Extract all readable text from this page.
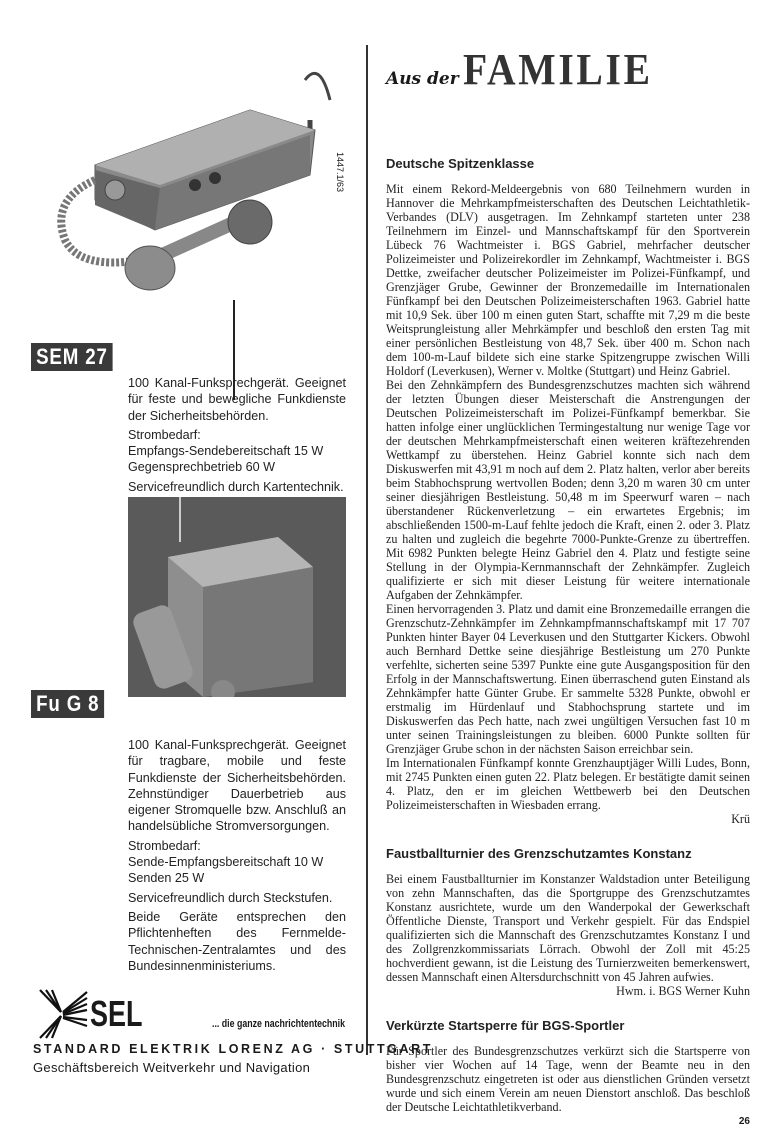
1447.1/63
SEM 27

100 Kanal-Funksprechgerät. Geeignet für feste und bewegliche Funkdienste der Sicherheitsbehörden.

Strombedarf:
Empfangs-Sendebereitschaft 15 W

Gegensprechbetrieb 60 W

Servicefreundlich durch Kartentechnik.
Fu G 8

100 Kanal-Funksprechgerät. Geeignet für tragbare, mobile und feste Funkdienste der Sicherheitsbehörden. Zehnstündiger Dauerbetrieb aus eigener Stromquelle bzw. Anschluß an handelsübliche Stromversorgungen.

Strombedarf:
Sende-Empfangsbereitschaft 10 W

Senden 25 W

Servicefreundlich durch Steckstufen.

Beide Geräte entsprechen den Pflichtenheften des Fernmelde-Technischen-Zentralamtes und des Bundesinnenministeriums.

SEL	... die ganze nachrichtentechnik
STANDARD ELEKTRIK LORENZ AG · STUTTGART
Geschäftsbereich Weitverkehr und Navigation
Aus der FAMILIE
Deutsche Spitzenklasse

Mit einem Rekord-Meldeergebnis von 680 Teilnehmern wurden in Hannover die Mehrkampfmeisterschaften des Deutschen Leichtathletik-Verbandes (DLV) ausgetragen. Im Zehnkampf starteten unter 238 Teilnehmern im Einzel- und Mannschaftskampf für den Sportverein Lübeck 76 Wachtmeister i. BGS Gabriel, mehrfacher deutscher Polizeimeister und Polizeirekordler im Zehnkampf, Wachtmeister i. BGS Dettke, zweifacher deutscher Polizeimeister im Polizei-Fünfkampf, und Grenzjäger Grube, Gewinner der Bronzemedaille im Internationalen Fünfkampf bei den Deutschen Polizeimeisterschaften 1963. Gabriel hatte mit 10,9 Sek. über 100 m einen guten Start, schaffte mit 7,29 m die beste Weitsprungleistung aller Mehrkämpfer und beschloß den ersten Tag mit einer persönlichen Bestleistung von 48,7 Sek. über 400 m. Schon nach dem 100-m-Lauf bildete sich eine starke Spitzengruppe zwischen Willi Holdorf (Leverkusen), Werner v. Moltke (Stuttgart) und Heinz Gabriel.

Bei den Zehnkämpfern des Bundesgrenzschutzes machten sich während der letzten Übungen dieser Meisterschaft die Anstrengungen der Deutschen Polizeimeisterschaft im Polizei-Fünfkampf bemerkbar. Sie hatten infolge einer unglücklichen Termingestaltung nur wenige Tage vor der deutschen Mehrkampfmeisterschaft einen weiteren kräftezehrenden Wettkampf zu überstehen. Heinz Gabriel konnte sich nach dem Diskuswerfen mit 43,91 m noch auf dem 2. Platz halten, verlor aber bereits beim Stabhochsprung wertvollen Boden; denn 3,20 m waren 30 cm unter seiner diesjährigen Bestleistung. 50,48 m im Speerwurf waren – nach überstandener Rückenverletzung – ein erwartetes Ergebnis; im abschließenden 1500-m-Lauf fehlte jedoch die Kraft, einen 2. oder 3. Platz zu halten und zugleich die begehrte 7000-Punkte-Grenze zu übertreffen. Mit 6982 Punkten belegte Heinz Gabriel den 4. Platz und festigte seine Stellung in der Olympia-Kernmannschaft der Zehnkämpfer. Zugleich qualifizierte er sich mit dieser Leistung für weitere internationale Aufgaben der Zehnkämpfer.

Einen hervorragenden 3. Platz und damit eine Bronzemedaille errangen die Grenzschutz-Zehnkämpfer im Zehnkampfmannschaftskampf mit 17 707 Punkten hinter Bayer 04 Leverkusen und den Stuttgarter Kickers. Obwohl auch Bernhard Dettke seine diesjährige Bestleistung um 270 Punkte verfehlte, sicherten seine 5397 Punkte eine gute Ausgangsposition für den Erfolg in der Mannschaftswertung. Einen überraschend guten Einstand als Zehnkämpfer hatte Günter Grube. Er sammelte 5328 Punkte, obwohl er erstmalig im Hürdenlauf und Stabhochsprung startete und im Diskuswerfen das Pech hatte, nach zwei ungültigen Versuchen fast 10 m unter seinen Trainingsleistungen zu bleiben. 6000 Punkte sollten für Grenzjäger Grube schon in der nächsten Saison erreichbar sein.

Im Internationalen Fünfkampf konnte Grenzhauptjäger Willi Ludes, Bonn, mit 2745 Punkten einen guten 22. Platz belegen. Er bestätigte damit seinen 4. Platz, den er im gleichen Wettbewerb bei den Deutschen Polizeimeisterschaften in Wiesbaden errang.

Krü
Faustballturnier des Grenzschutzamtes Konstanz

Bei einem Faustballturnier im Konstanzer Waldstadion unter Beteiligung von zehn Mannschaften, das die Sportgruppe des Grenzschutzamtes Konstanz ausrichtete, wurde um den Wanderpokal der Gewerkschaft Öffentliche Dienste, Transport und Verkehr gespielt. Für das Endspiel qualifizierten sich die Mannschaft des Grenzschutzamtes Konstanz I und des Zollgrenzkommissariats Lörrach. Obwohl der Zoll mit 45:25 hochverdient gewann, ist die Leistung des Turnierzweiten bemerkenswert, dessen Mannschaft einen Altersdurchschnitt von 45 Jahren aufwies.

Hwm. i. BGS Werner Kuhn
Verkürzte Startsperre für BGS-Sportler

Für Sportler des Bundesgrenzschutzes verkürzt sich die Startsperre von bisher vier Wochen auf 14 Tage, wenn der Beamte neu in den Bundesgrenzschutz eingetreten ist oder aus dienstlichen Gründen versetzt wurde und sich einem Verein am neuen Dienstort anschloß. Das beschloß der Deutsche Leichtathletikverband.

26
